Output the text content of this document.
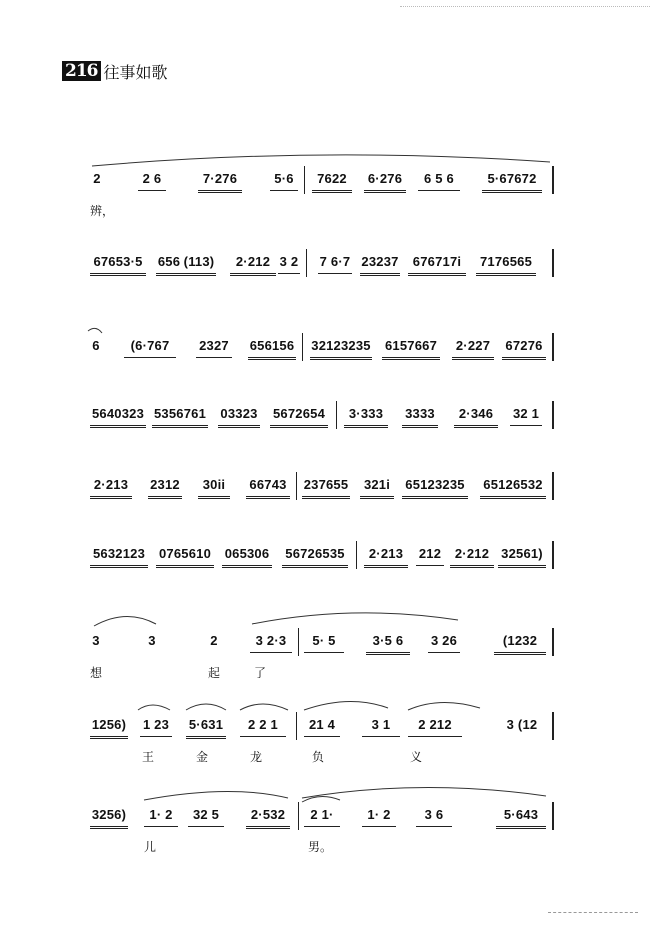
216 往事如歌
2	2 6	7·276	5·6	7622	6·276	6 5 6	5·67672
辨，
67653·5 656 (113)	2·212 3 2 7 6·7 23237	676717i	7176565
6	(6·767	2327 656156 32123235 6157667 2·227 67276
5640323 5356761 03323 5672654	3·333	3333	2·346	32 1
2·213 2312	30ii	66743 237655	321i	65123235 65126532
5632123 0765610 065306 56726535	2·213	212	2·212 32561)
3	3	2	3 2·3	5· 5	3·5 6	3 26	(1232
想	起	了
1256) 1 23 5·631	2 2 1	21 4	3 1	2 212	3 (12
王	金	龙	负	义
3256)	1· 2	32 5	2·532	2 1·	1· 2	3 6	5·643
儿	男。
